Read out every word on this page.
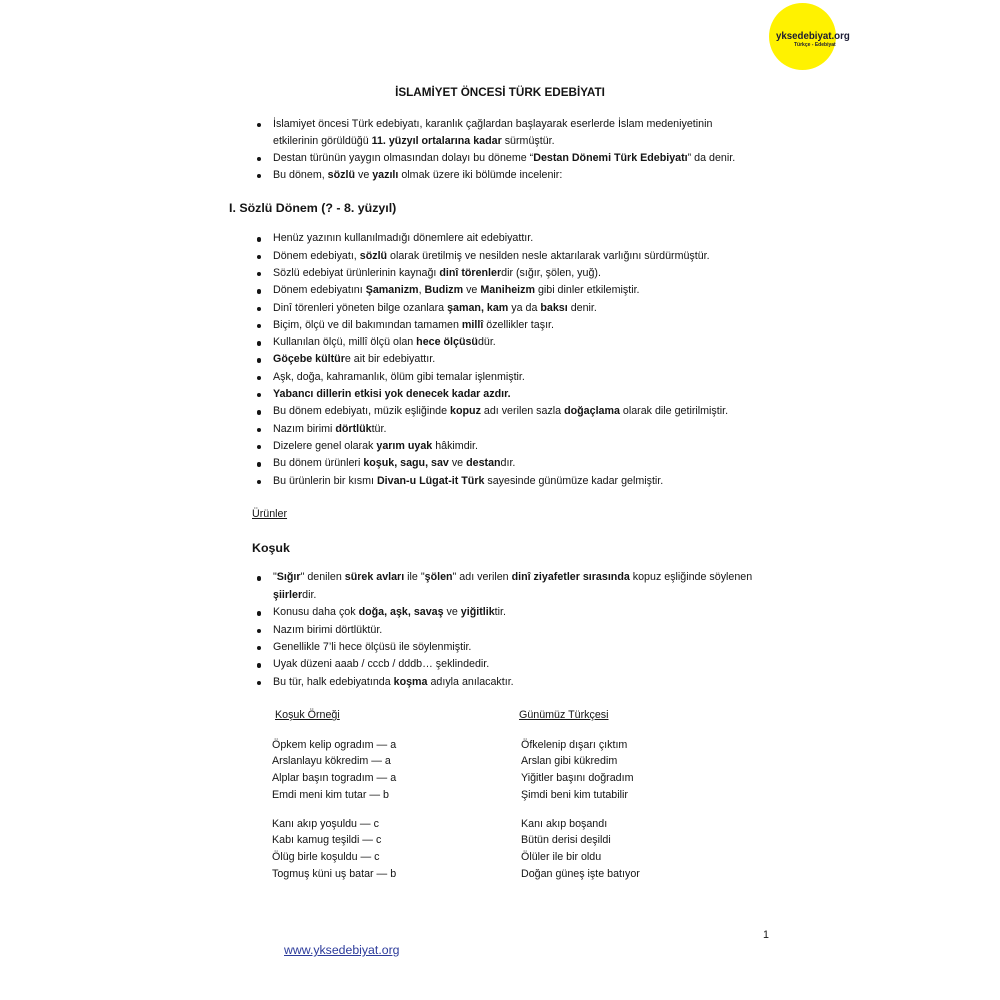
yksedebiyat.org
Türkçe - Edebiyat
İSLAMİYET ÖNCESİ TÜRK EDEBİYATI
İslamiyet öncesi Türk edebiyatı, karanlık çağlardan başlayarak eserlerde İslam medeniyetinin
etkilerinin görüldüğü 11. yüzyıl ortalarına kadar sürmüştür.
Destan türünün yaygın olmasından dolayı bu döneme “Destan Dönemi Türk Edebiyatı” da denir.
Bu dönem, sözlü ve yazılı olmak üzere iki bölümde incelenir:
I. Sözlü Dönem (? - 8. yüzyıl)
Henüz yazının kullanılmadığı dönemlere ait edebiyattır.
Dönem edebiyatı, sözlü olarak üretilmiş ve nesilden nesle aktarılarak varlığını sürdürmüştür.
Sözlü edebiyat ürünlerinin kaynağı dinî törenlerdir (sığır, şölen, yuğ).
Dönem edebiyatını Şamanizm, Budizm ve Maniheizm gibi dinler etkilemiştir.
Dinî törenleri yöneten bilge ozanlara şaman, kam ya da baksı denir.
Biçim, ölçü ve dil bakımından tamamen millî özellikler taşır.
Kullanılan ölçü, millî ölçü olan hece ölçüsüdür.
Göçebe kültüre ait bir edebiyattır.
Aşk, doğa, kahramanlık, ölüm gibi temalar işlenmiştir.
Yabancı dillerin etkisi yok denecek kadar azdır.
Bu dönem edebiyatı, müzik eşliğinde kopuz adı verilen sazla doğaçlama olarak dile getirilmiştir.
Nazım birimi dörtlüktür.
Dizelere genel olarak yarım uyak hâkimdir.
Bu dönem ürünleri koşuk, sagu, sav ve destandır.
Bu ürünlerin bir kısmı Divan-u Lügat-it Türk sayesinde günümüze kadar gelmiştir.
Ürünler
Koşuk
"Sığır" denilen sürek avları ile "şölen" adı verilen dinî ziyafetler sırasında kopuz eşliğinde söylenen
şiirlerdir.
Konusu daha çok doğa, aşk, savaş ve yiğitliktir.
Nazım birimi dörtlüktür.
Genellikle 7’li hece ölçüsü ile söylenmiştir.
Uyak düzeni aaab / cccb / dddb… şeklindedir.
Bu tür, halk edebiyatında koşma adıyla anılacaktır.
Koşuk Örneği	Günümüz Türkçesi
Öpkem kelip ogradım — a
Arslanlayu kökredim — a
Alplar başın togradım — a
Emdi meni kim tutar — b
Kanı akıp yoşuldu — c
Kabı kamug teşildi — c
Ölüg birle koşuldu — c
Togmuş küni uş batar — b
Öfkelenip dışarı çıktım
Arslan gibi kükredim
Yiğitler başını doğradım
Şimdi beni kim tutabilir
Kanı akıp boşandı
Bütün derisi deşildi
Ölüler ile bir oldu
Doğan güneş işte batıyor
1
www.yksedebiyat.org
